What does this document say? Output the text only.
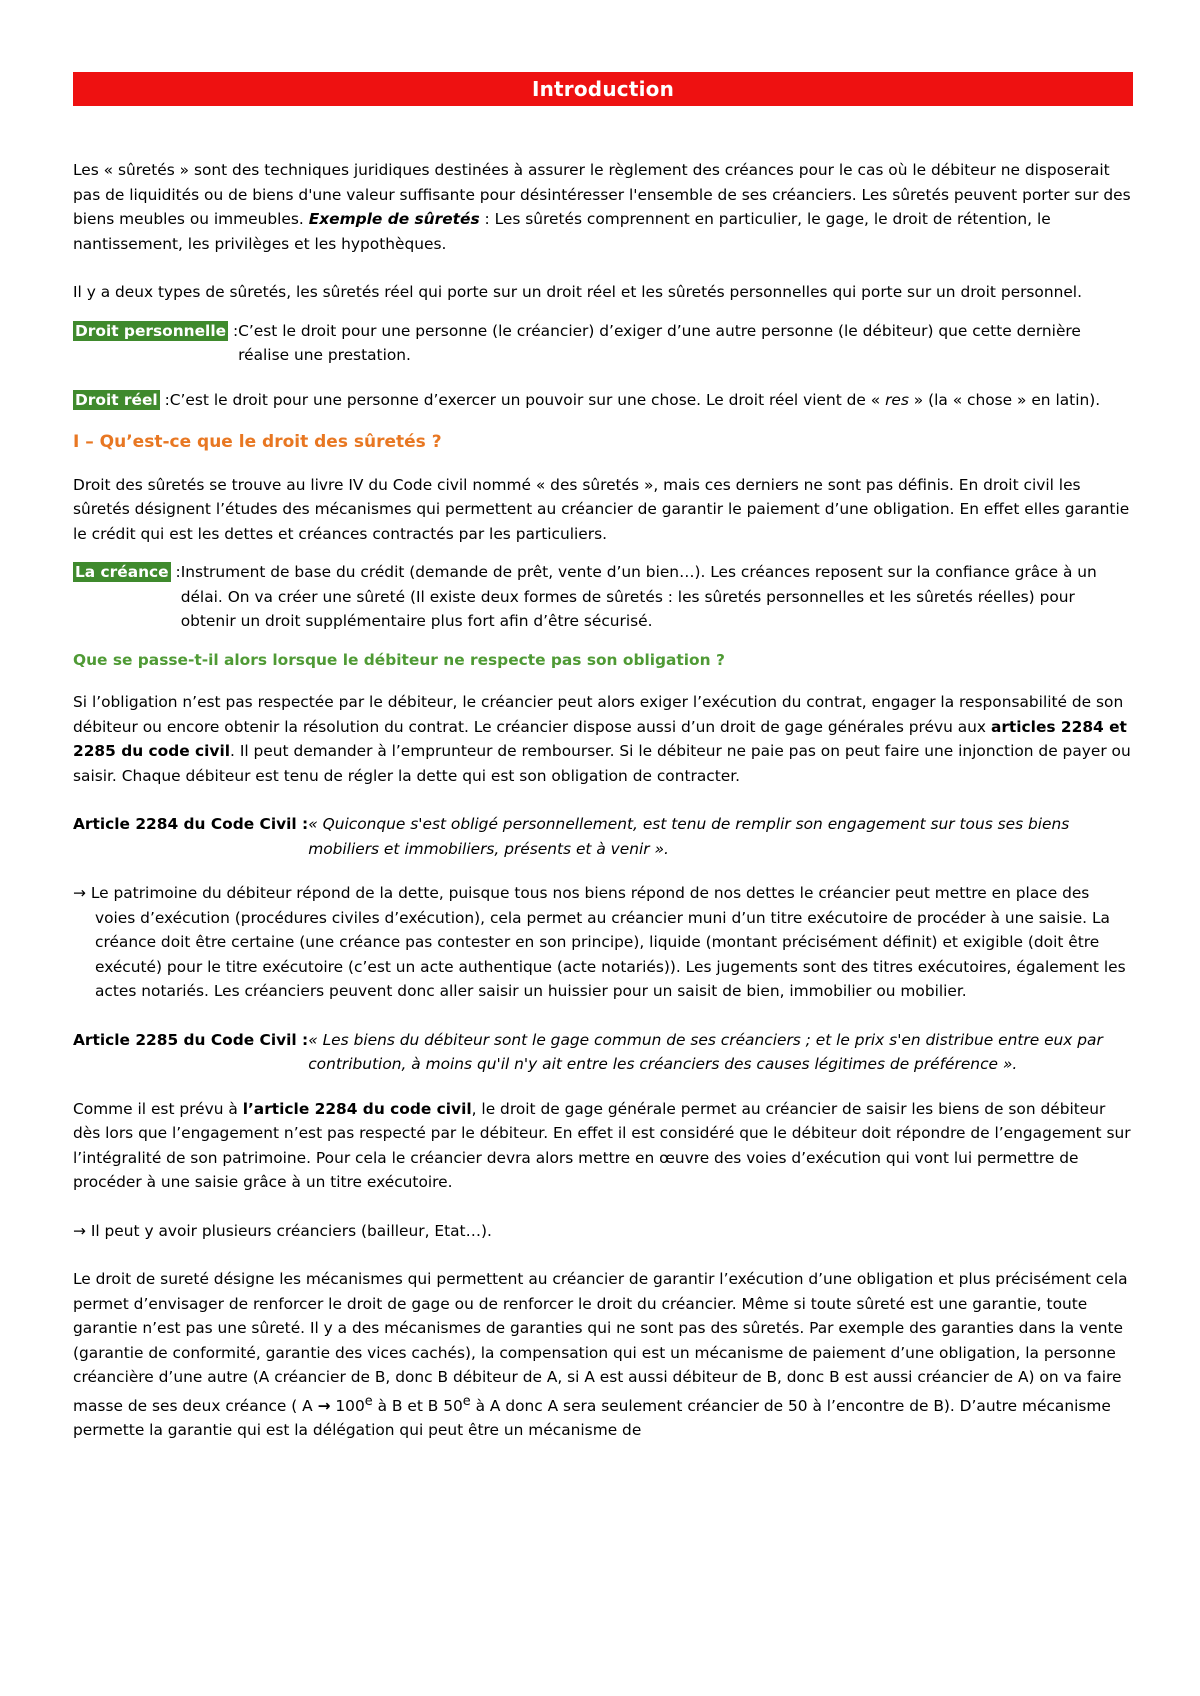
Introduction

Les « sûretés » sont des techniques juridiques destinées à assurer le règlement des créances pour le cas où le débiteur ne disposerait pas de liquidités ou de biens d'une valeur suffisante pour désintéresser l'ensemble de ses créanciers. Les sûretés peuvent porter sur des biens meubles ou immeubles. Exemple de sûretés : Les sûretés comprennent en particulier, le gage, le droit de rétention, le nantissement, les privilèges et les hypothèques.

Il y a deux types de sûretés, les sûretés réel qui porte sur un droit réel et les sûretés personnelles qui porte sur un droit personnel.

Droit personnelle : C’est le droit pour une personne (le créancier) d’exiger d’une autre personne (le débiteur) que cette dernière réalise une prestation.
Droit réel : C’est le droit pour une personne d’exercer un pouvoir sur une chose. Le droit réel vient de « res » (la « chose » en latin).

I – Qu’est-ce que le droit des sûretés ?

Droit des sûretés se trouve au livre IV du Code civil nommé « des sûretés », mais ces derniers ne sont pas définis. En droit civil les sûretés désignent l’études des mécanismes qui permettent au créancier de garantir le paiement d’une obligation. En effet elles garantie le crédit qui est les dettes et créances contractés par les particuliers.

La créance : Instrument de base du crédit (demande de prêt, vente d’un bien…). Les créances reposent sur la confiance grâce à un délai. On va créer une sûreté (Il existe deux formes de sûretés : les sûretés personnelles et les sûretés réelles) pour obtenir un droit supplémentaire plus fort afin d’être sécurisé.

Que se passe-t-il alors lorsque le débiteur ne respecte pas son obligation ?

Si l’obligation n’est pas respectée par le débiteur, le créancier peut alors exiger l’exécution du contrat, engager la responsabilité de son débiteur ou encore obtenir la résolution du contrat. Le créancier dispose aussi d’un droit de gage générales prévu aux articles 2284 et 2285 du code civil. Il peut demander à l’emprunteur de rembourser. Si le débiteur ne paie pas on peut faire une injonction de payer ou saisir. Chaque débiteur est tenu de régler la dette qui est son obligation de contracter.

Article 2284 du Code Civil : « Quiconque s'est obligé personnellement, est tenu de remplir son engagement sur tous ses biens mobiliers et immobiliers, présents et à venir ».

→ Le patrimoine du débiteur répond de la dette, puisque tous nos biens répond de nos dettes le créancier peut mettre en place des voies d’exécution (procédures civiles d’exécution), cela permet au créancier muni d’un titre exécutoire de procéder à une saisie. La créance doit être certaine (une créance pas contester en son principe), liquide (montant précisément définit) et exigible (doit être exécuté) pour le titre exécutoire (c’est un acte authentique (acte notariés)). Les jugements sont des titres exécutoires, également les actes notariés. Les créanciers peuvent donc aller saisir un huissier pour un saisit de bien, immobilier ou mobilier.

Article 2285 du Code Civil : « Les biens du débiteur sont le gage commun de ses créanciers ; et le prix s'en distribue entre eux par contribution, à moins qu'il n'y ait entre les créanciers des causes légitimes de préférence ».

Comme il est prévu à l’article 2284 du code civil, le droit de gage générale permet au créancier de saisir les biens de son débiteur dès lors que l’engagement n’est pas respecté par le débiteur. En effet il est considéré que le débiteur doit répondre de l’engagement sur l’intégralité de son patrimoine. Pour cela le créancier devra alors mettre en œuvre des voies d’exécution qui vont lui permettre de procéder à une saisie grâce à un titre exécutoire.

→ Il peut y avoir plusieurs créanciers (bailleur, Etat…).

Le droit de sureté désigne les mécanismes qui permettent au créancier de garantir l’exécution d’une obligation et plus précisément cela permet d’envisager de renforcer le droit de gage ou de renforcer le droit du créancier. Même si toute sûreté est une garantie, toute garantie n’est pas une sûreté. Il y a des mécanismes de garanties qui ne sont pas des sûretés. Par exemple des garanties dans la vente (garantie de conformité, garantie des vices cachés), la compensation qui est un mécanisme de paiement d’une obligation, la personne créancière d’une autre (A créancier de B, donc B débiteur de A, si A est aussi débiteur de B, donc B est aussi créancier de A) on va faire masse de ses deux créance ( $A \to 100^e$ à B et B 50e à A donc A sera seulement créancier de 50 à l’encontre de B). D’autre mécanisme permette la garantie qui est la délégation qui peut être un mécanisme de
